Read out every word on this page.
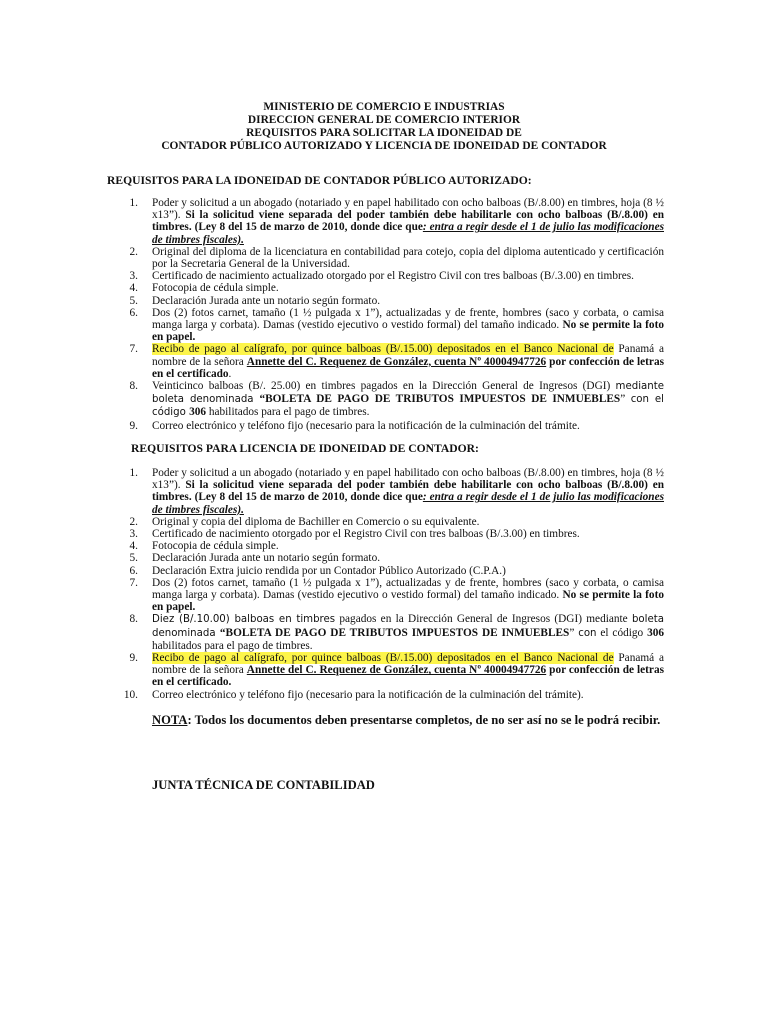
MINISTERIO DE COMERCIO E INDUSTRIAS
DIRECCION GENERAL DE COMERCIO INTERIOR
REQUISITOS PARA SOLICITAR LA IDONEIDAD DE
CONTADOR PÚBLICO AUTORIZADO Y LICENCIA DE IDONEIDAD DE CONTADOR
REQUISITOS PARA LA IDONEIDAD DE CONTADOR PÚBLICO AUTORIZADO:
1. Poder y solicitud a un abogado (notariado y en papel habilitado con ocho balboas (B/.8.00) en timbres, hoja (8 ½ x13”). Si la solicitud viene separada del poder también debe habilitarle con ocho balboas (B/.8.00) en timbres. (Ley 8 del 15 de marzo de 2010, donde dice que: entra a regir desde el 1 de julio las modificaciones de timbres fiscales).
2. Original del diploma de la licenciatura en contabilidad para cotejo, copia del diploma autenticado y certificación por la Secretaria General de la Universidad.
3. Certificado de nacimiento actualizado otorgado por el Registro Civil con tres balboas (B/.3.00) en timbres.
4. Fotocopia de cédula simple.
5. Declaración Jurada ante un notario según formato.
6. Dos (2) fotos carnet, tamaño (1 ½ pulgada x 1”), actualizadas y de frente, hombres (saco y corbata, o camisa manga larga y corbata). Damas (vestido ejecutivo o vestido formal) del tamaño indicado. No se permite la foto en papel.
7. Recibo de pago al calígrafo, por quince balboas (B/.15.00) depositados en el Banco Nacional de Panamá a nombre de la señora Annette del C. Requenez de González, cuenta Nº 40004947726 por confección de letras en el certificado.
8. Veinticinco balboas (B/. 25.00) en timbres pagados en la Dirección General de Ingresos (DGI) mediante boleta denominada “BOLETA DE PAGO DE TRIBUTOS IMPUESTOS DE INMUEBLES” con el código 306 habilitados para el pago de timbres.
9. Correo electrónico y teléfono fijo (necesario para la notificación de la culminación del trámite.
REQUISITOS PARA LICENCIA DE IDONEIDAD DE CONTADOR:
1. Poder y solicitud a un abogado (notariado y en papel habilitado con ocho balboas (B/.8.00) en timbres, hoja (8 ½ x13”). Si la solicitud viene separada del poder también debe habilitarle con ocho balboas (B/.8.00) en timbres. (Ley 8 del 15 de marzo de 2010, donde dice que: entra a regir desde el 1 de julio las modificaciones de timbres fiscales).
2. Original y copia del diploma de Bachiller en Comercio o su equivalente.
3. Certificado de nacimiento otorgado por el Registro Civil con tres balboas (B/.3.00) en timbres.
4. Fotocopia de cédula simple.
5. Declaración Jurada ante un notario según formato.
6. Declaración Extra juicio rendida por un Contador Público Autorizado (C.P.A.)
7. Dos (2) fotos carnet, tamaño (1 ½ pulgada x 1”), actualizadas y de frente, hombres (saco y corbata, o camisa manga larga y corbata). Damas (vestido ejecutivo o vestido formal) del tamaño indicado. No se permite la foto en papel.
8. Diez (B/.10.00) balboas en timbres pagados en la Dirección General de Ingresos (DGI) mediante boleta denominada “BOLETA DE PAGO DE TRIBUTOS IMPUESTOS DE INMUEBLES” con el código 306 habilitados para el pago de timbres.
9. Recibo de pago al calígrafo, por quince balboas (B/.15.00) depositados en el Banco Nacional de Panamá a nombre de la señora Annette del C. Requenez de González, cuenta Nº 40004947726 por confección de letras en el certificado.
10. Correo electrónico y teléfono fijo (necesario para la notificación de la culminación del trámite).
NOTA: Todos los documentos deben presentarse completos, de no ser así no se le podrá recibir.
JUNTA TÉCNICA DE CONTABILIDAD
